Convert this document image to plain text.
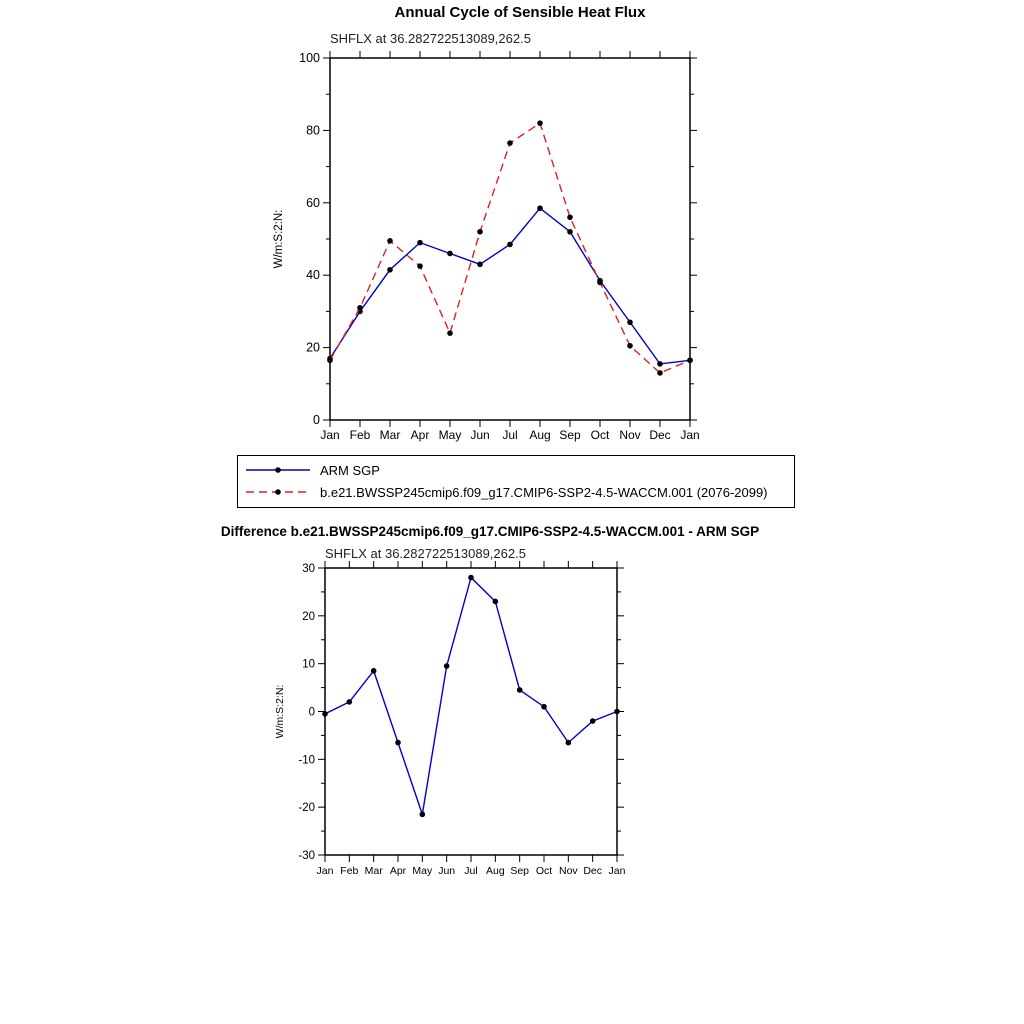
Annual Cycle of Sensible Heat Flux
SHFLX at 36.282722513089,262.5
0
20
40
60
80
100
Jan Feb Mar Apr May Jun Jul Aug Sep Oct Nov Dec Jan
W/m:S:2:N:
ARM SGP
b.e21.BWSSP245cmip6.f09_g17.CMIP6-SSP2-4.5-WACCM.001 (2076-2099)
Difference b.e21.BWSSP245cmip6.f09_g17.CMIP6-SSP2-4.5-WACCM.001 - ARM SGP
SHFLX at 36.282722513089,262.5
-30
-20
-10
0
10
20
30
Jan Feb Mar Apr May Jun Jul Aug Sep Oct Nov Dec Jan
W/m:S:2:N:
